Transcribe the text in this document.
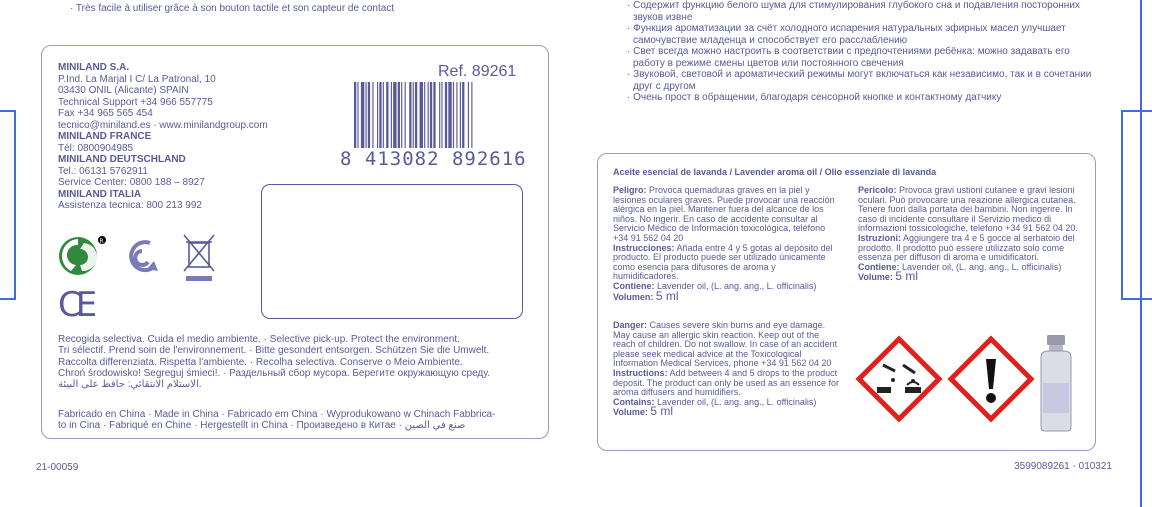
· Très facile à utiliser grâce à son bouton tactile et son capteur de contact
MINILAND S.A.
P.Ind. La Marjal I C/ La Patronal, 10
03430 ONIL (Alicante) SPAIN
Technical Support +34 966 557775
Fax +34 965 565 454
tecnico@miniland.es · www.minilandgroup.com
MINILAND FRANCE
Tél: 0800904985
MINILAND DEUTSCHLAND
Tel.: 06131 5762911
Service Center: 0800 188 – 8927
MINILAND ITALIA
Assistenza tecnica: 800 213 992
Ref. 89261
8 413082 892616
R
CE
Recogida selectiva. Cuida el medio ambiente. · Selective pick-up. Protect the environment.
Tri sélectif. Prend soin de l'environnement. · Bitte gesondert entsorgen. Schützen Sie die Umwelt.
Raccolta differenziata. Rispetta l'ambiente. · Recolha selectiva. Conserve o Meio Ambiente.
Chroń środowisko! Segreguj śmieci!. · Раздельный сбор мусора. Берегите окружающую среду.
الاستلام الانتقائي: حافظ على البيئة.
Fabricado en China · Made in China · Fabricado em China · Wyprodukowano w Chinach Fabbrica-
to in Cina · Fabriqué en Chine · Hergestellt in China · Произведено в Китае · صنع في الصين
21-00059	3599089261 - 010321
· Содержит функцию белого шума для стимулирования глубокого сна и подавления посторонних звуков извне
· Функция ароматизации за счёт холодного испарения натуральных эфирных масел улучшает самочувствие младенца и способствует его расслаблению
· Свет всегда можно настроить в соответствии с предпочтениями ребёнка: можно задавать его работу в режиме смены цветов или постоянного свечения
· Звуковой, световой и ароматический режимы могут включаться как независимо, так и в сочетании друг с другом
· Очень прост в обращении, благодаря сенсорной кнопке и контактному датчику
Aceite esencial de lavanda / Lavender aroma oil / Olio essenziale di lavanda
Peligro: Provoca quemaduras graves en la piel y lesiones oculares graves. Puede provocar una reacción alérgica en la piel. Mantener fuera del alcance de los niños. No ingerir. En caso de accidente consultar al Servicio Médico de Información toxicológica, teléfono +34 91 562 04 20
Instrucciones: Añada entre 4 y 5 gotas al depósito del producto. El producto puede ser utilizado únicamente como esencia para difusores de aroma y humidificadores.
Contiene: Lavender oil, (L. ang. ang., L. officinalis)
Volumen: 5 ml
Pericolo: Provoca gravi ustioni cutanee e gravi lesioni oculari. Può provocare una reazione allergica cutanea. Tenere fuori dalla portata dei bambini. Non ingerire. In caso di incidente consultare il Servizio medico di informazioni tossicologiche, telefono +34 91 562 04 20.
Istruzioni: Aggiungere tra 4 e 5 gocce al serbatoio del prodotto. Il prodotto può essere utilizzato solo come essenza per diffusori di aroma e umidificatori.
Contiene: Lavender oil, (L. ang. ang., L. officinalis)
Volume: 5 ml
Danger: Causes severe skin burns and eye damage. May cause an allergic skin reaction. Keep out of the reach of children. Do not swallow. In case of an accident please seek medical advice at the Toxicological Information Medical Services, phone +34 91 562 04 20
Instructions: Add between 4 and 5 drops to the product deposit. The product can only be used as an essence for aroma diffusers and humidifiers.
Contains: Lavender oil, (L. ang. ang., L. officinalis)
Volume: 5 ml
